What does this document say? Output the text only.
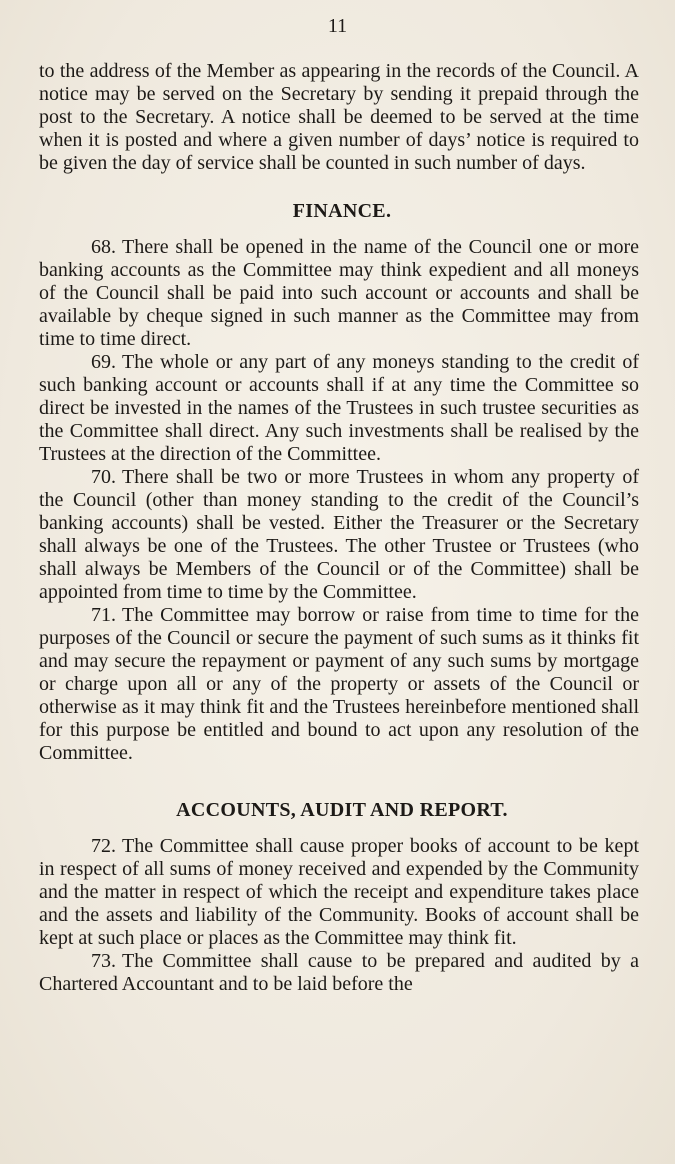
11

to the address of the Member as appearing in the records of the Council. A notice may be served on the Secretary by sending it prepaid through the post to the Secretary. A notice shall be deemed to be served at the time when it is posted and where a given number of days’ notice is required to be given the day of service shall be counted in such number of days.

FINANCE.

68. There shall be opened in the name of the Council one or more banking accounts as the Committee may think expedient and all moneys of the Council shall be paid into such account or accounts and shall be available by cheque signed in such manner as the Committee may from time to time direct.

69. The whole or any part of any moneys standing to the credit of such banking account or accounts shall if at any time the Committee so direct be invested in the names of the Trustees in such trustee securities as the Committee shall direct. Any such investments shall be realised by the Trustees at the direction of the Committee.

70. There shall be two or more Trustees in whom any property of the Council (other than money standing to the credit of the Council’s banking accounts) shall be vested. Either the Treasurer or the Secretary shall always be one of the Trustees. The other Trustee or Trustees (who shall always be Members of the Council or of the Committee) shall be appointed from time to time by the Committee.

71. The Committee may borrow or raise from time to time for the purposes of the Council or secure the payment of such sums as it thinks fit and may secure the repayment or payment of any such sums by mortgage or charge upon all or any of the property or assets of the Council or otherwise as it may think fit and the Trustees hereinbefore mentioned shall for this purpose be entitled and bound to act upon any resolution of the Committee.

ACCOUNTS, AUDIT AND REPORT.

72. The Committee shall cause proper books of account to be kept in respect of all sums of money received and expended by the Community and the matter in respect of which the receipt and expenditure takes place and the assets and liability of the Community. Books of account shall be kept at such place or places as the Committee may think fit.

73. The Committee shall cause to be prepared and audited by a Chartered Accountant and to be laid before the
